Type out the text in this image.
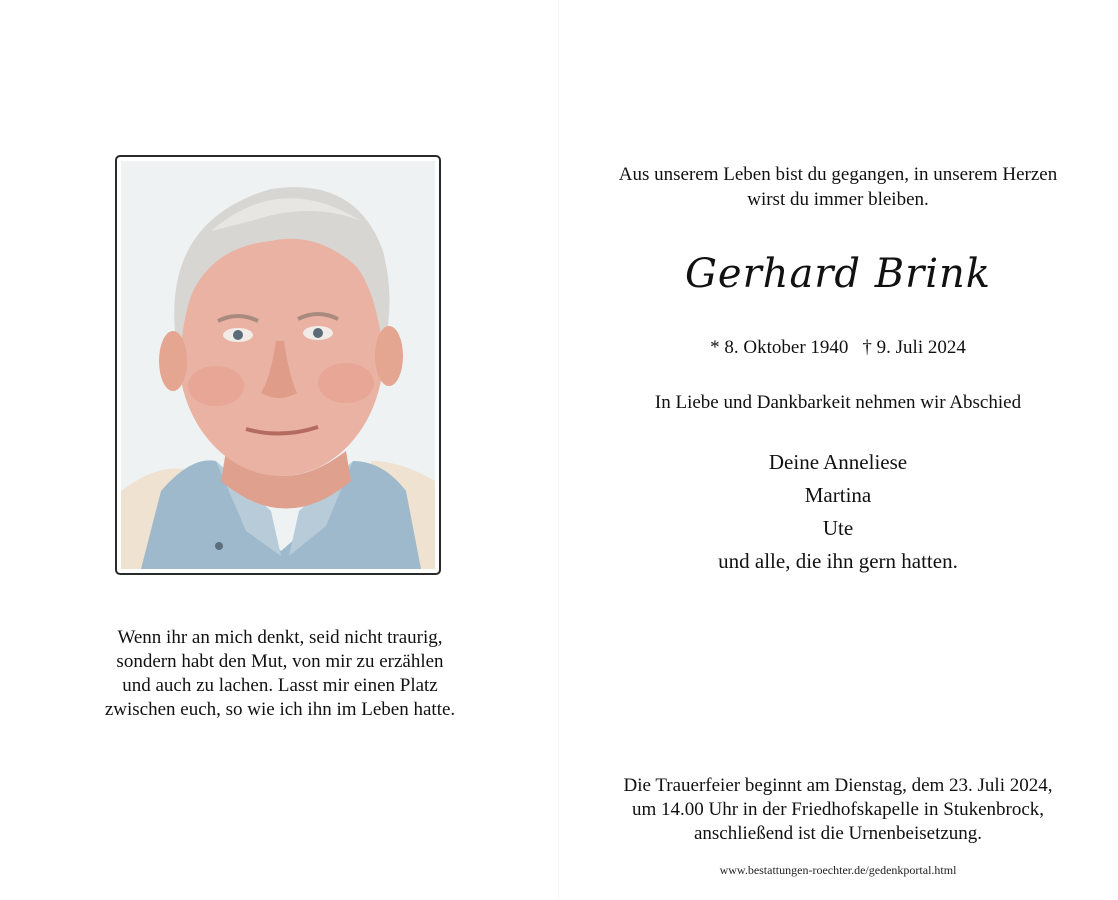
Wenn ihr an mich denkt, seid nicht traurig,
sondern habt den Mut, von mir zu erzählen
und auch zu lachen. Lasst mir einen Platz
zwischen euch, so wie ich ihn im Leben hatte.
Aus unserem Leben bist du gegangen, in unserem Herzen
wirst du immer bleiben.
Gerhard Brink
* 8. Oktober 1940 † 9. Juli 2024
In Liebe und Dankbarkeit nehmen wir Abschied
Deine Anneliese
Martina
Ute
und alle, die ihn gern hatten.
Die Trauerfeier beginnt am Dienstag, dem 23. Juli 2024,
um 14.00 Uhr in der Friedhofskapelle in Stukenbrock,
anschließend ist die Urnenbeisetzung.
www.bestattungen-roechter.de/gedenkportal.html
